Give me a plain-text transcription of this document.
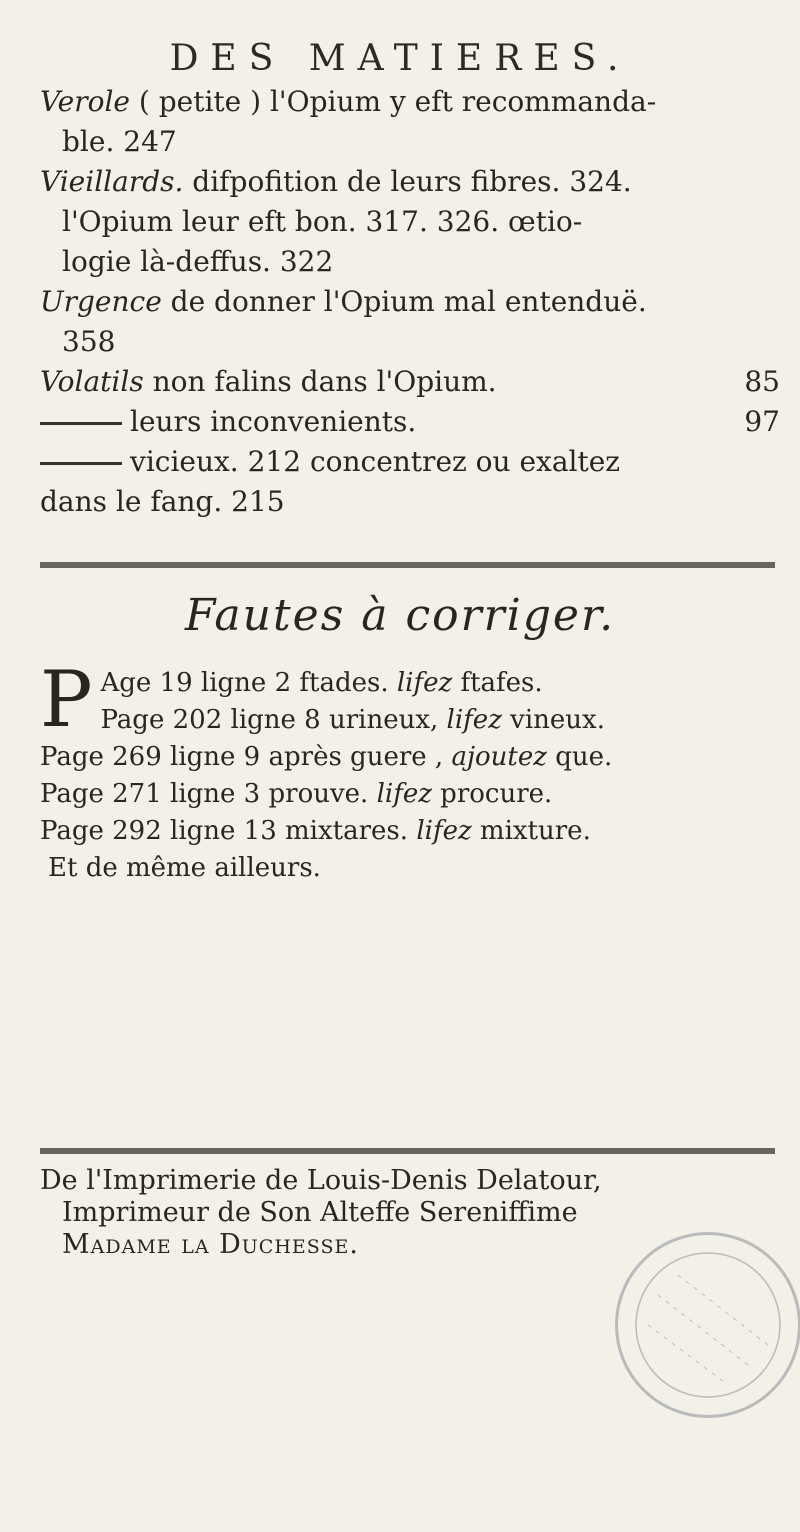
DES MATIERES.
Verole ( petite ) l'Opium y eft recommanda-
ble. 247
Vieillards. difpofition de leurs fibres. 324.
l'Opium leur eft bon. 317. 326. œtio-
logie là-deffus. 322
Urgence de donner l'Opium mal entenduë.
358
Volatils non falins dans l'Opium.	85
leurs inconvenients.	97
vicieux. 212 concentrez ou exaltez
dans le fang. 215
Fautes à corriger.
P Age 19 ligne 2 ftades. lifez ftafes.

Page 202 ligne 8 urineux, lifez vineux.

Page 269 ligne 9 après guere , ajoutez que.

Page 271 ligne 3 prouve. lifez procure.

Page 292 ligne 13 mixtares. lifez mixture.

Et de même ailleurs.

De l'Imprimerie de Louis-Denis Delatour,
Imprimeur de Son Alteffe Sereniffime
Madame la Duchesse.
